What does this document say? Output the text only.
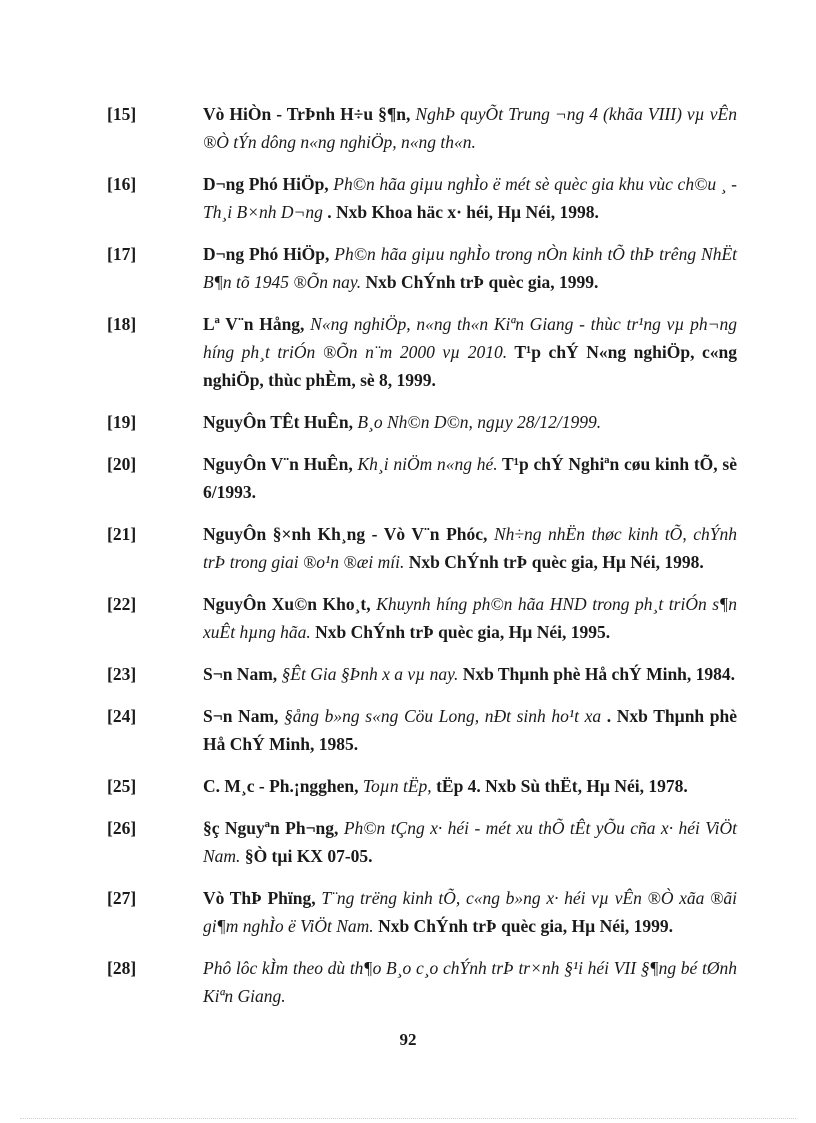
[15]	Vò HiÒn - TrÞnh H÷u §¶n, NghÞ quyÕt Trung ¬ng 4 (khãa VIII) vµ vÊn ®Ò tÝn dông n«ng nghiÖp, n«ng th«n.
[16]	D¬ng Phó HiÖp, Ph©n hãa giµu nghÌo ë mét sè quèc gia khu vùc ch©u ¸ - Th¸i B×nh D¬ng . Nxb Khoa häc x· héi, Hµ Néi, 1998.
[17]	D¬ng Phó HiÖp, Ph©n hãa giµu nghÌo trong nÒn kinh tÕ thÞ trêng NhËt B¶n tõ 1945 ®Õn nay. Nxb ChÝnh trÞ quèc gia, 1999.
[18]	Lª V¨n Hång, N«ng nghiÖp, n«ng th«n Kiªn Giang - thùc tr¹ng vµ ph¬ng híng ph¸t triÓn ®Õn n¨m 2000 vµ 2010. T¹p chÝ N«ng nghiÖp, c«ng nghiÖp, thùc phÈm, sè 8, 1999.
[19]	NguyÔn TÊt HuÊn, B¸o Nh©n D©n, ngµy 28/12/1999.
[20]	NguyÔn V¨n HuÊn, Kh¸i niÖm n«ng hé. T¹p chÝ Nghiªn cøu kinh tÕ, sè 6/1993.
[21]	NguyÔn §×nh Kh¸ng - Vò V¨n Phóc, Nh÷ng nhËn thøc kinh tÕ, chÝnh trÞ trong giai ®o¹n ®æi míi. Nxb ChÝnh trÞ quèc gia, Hµ Néi, 1998.
[22]	NguyÔn Xu©n Kho¸t, Khuynh híng ph©n hãa HND trong ph¸t triÓn s¶n xuÊt hµng hãa. Nxb ChÝnh trÞ quèc gia, Hµ Néi, 1995.
[23]	S¬n Nam, §Êt Gia §Þnh x a vµ nay. Nxb Thµnh phè Hå chÝ Minh, 1984.
[24]	S¬n Nam, §ång b»ng s«ng Cöu Long, nÐt sinh ho¹t xa . Nxb Thµnh phè Hå ChÝ Minh, 1985.
[25]	C. M¸c - Ph.¡ngghen, Toµn tËp, tËp 4. Nxb Sù thËt, Hµ Néi, 1978.
[26]	§ç Nguyªn Ph¬ng, Ph©n tÇng x· héi - mét xu thÕ tÊt yÕu cña x· héi ViÖt Nam. §Ò tµi KX 07-05.
[27]	Vò ThÞ Phïng, T¨ng trëng kinh tÕ, c«ng b»ng x· héi vµ vÊn ®Ò xãa ®ãi gi¶m nghÌo ë ViÖt Nam. Nxb ChÝnh trÞ quèc gia, Hµ Néi, 1999.
[28]	Phô lôc kÌm theo dù th¶o B¸o c¸o chÝnh trÞ tr×nh §¹i héi VII §¶ng bé tØnh Kiªn Giang.
92
